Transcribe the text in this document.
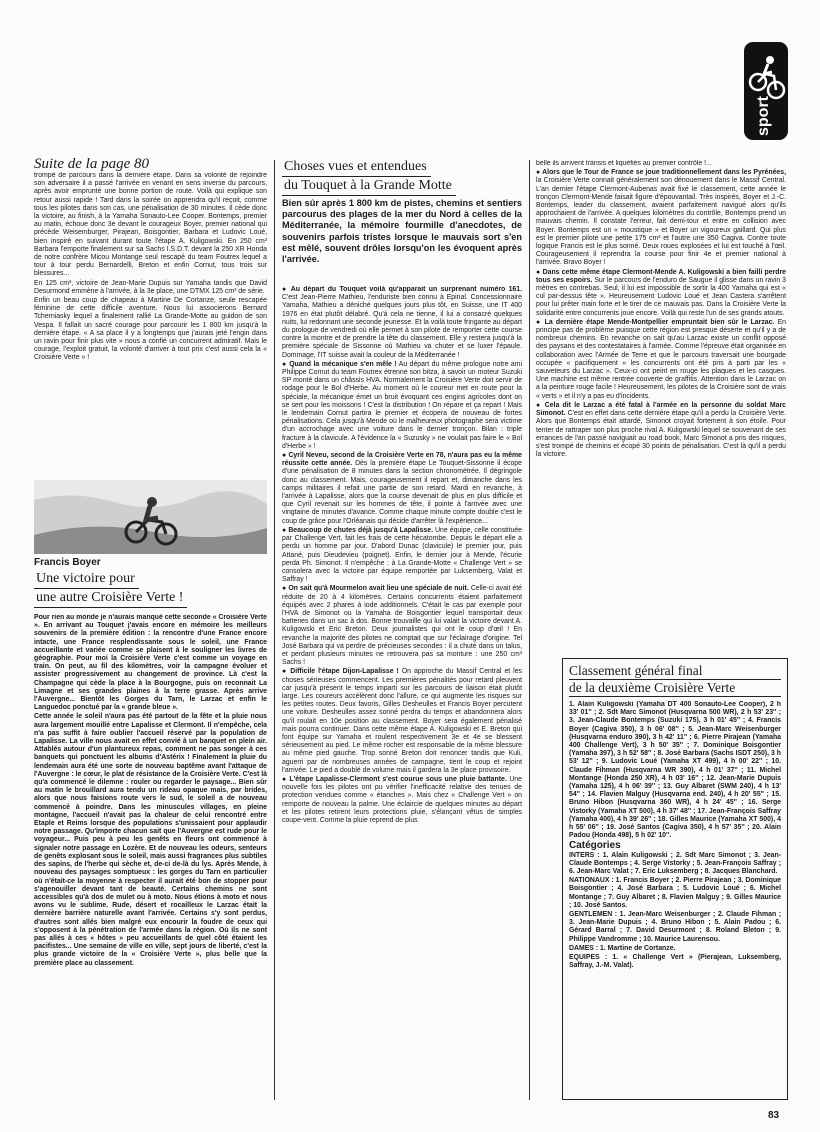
sport
Suite de la page 80

trompé de parcours dans la dernière étape. Dans sa volonté de rejoindre son adversaire il a passé l'arrivée en venant en sens inverse du parcours, après avoir emprunté une bonne portion de route. Voilà qui explique son retour aussi rapide ! Tard dans la soirée on apprendra qu'il reçoit, comme tous les pilotes dans son cas, une pénalisation de 30 minutes. Il cède donc la victoire, au finish, à la Yamaha Sonauto-Lee Cooper. Bontemps, premier au matin, échoue donc 3e devant le courageux Boyer, premier national qui précède Weisemburger, Pirajean, Boisgontier, Barbara et Ludovic Loué, bien inspiré en suivant durant toute l'étape A. Kuligowski. En 250 cm³ Barbara l'emporte finalement sur sa Sachs I.S.D.T. devant la 250 XR Honda de notre confrère Micou Montange seul rescapé du team Foutrex lequel a tour à tour perdu Bernardelli, Breton et enfin Cornut, tous trois sur blessures...

En 125 cm³, victoire de Jean-Marie Dupuis sur Yamaha tandis que David Desurmond emmène à l'arrivée, à la 3e place, une DTMX 125 cm³ de série.

Enfin un beau coup de chapeau à Martine De Cortanze, seule rescapée féminine de cette difficile aventure. Nous lui associerons Bernard Tcherniasky lequel a finalement rallié La Grande-Motte au guidon de son Vespa. Il fallait un sacré courage pour parcourir les 1 800 km jusqu'à la dernière étape. « A sa place il y a longtemps que j'aurais jeté l'engin dans un ravin pour finir plus vite » nous a confié un concurrent admiratif. Mais le courage, l'exploit gratuit, la volonté d'arriver à tout prix c'est aussi cela la « Croisière Verte » !

Francis Boyer
Une victoire pour
une autre Croisière Verte !

Pour rien au monde je n'aurais manqué cette seconde « Croisière Verte ». En arrivant au Touquet j'avais encore en mémoire les meilleurs souvenirs de la première édition : la rencontre d'une France encore intacte, une France resplendissante sous le soleil, une France accueillante et variée comme se plaisent à le souligner les livres de géographie. Pour moi la Croisière Verte c'est comme un voyage en train. On peut, au fil des kilomètres, voir la campagne évoluer et assister progressivement au changement de province. Là c'est la Champagne qui cède la place à la Bourgogne, puis on reconnait La Limagne et ses grandes plaines à la terre grasse. Après arrive l'Auvergne... Bientôt les Gorges du Tarn, le Larzac et enfin le Languedoc ponctué par la « grande bleue ».

Cette année le soleil n'aura pas été partout de la fête et la pluie nous aura largement mouillé entre Lapalisse et Clermont. Il n'empêche, cela n'a pas suffit à faire oublier l'accueil réservé par la population de Lapalisse. La ville nous avait en effet convié à un banquet en plein air. Attablés autour d'un plantureux repas, comment ne pas songer à ces banquets qui ponctuent les albums d'Astérix ! Finalement la pluie du lendemain aura été une sorte de nouveau baptême avant l'attaque de l'Auvergne : le cœur, le plat de résistance de la Croisière Verte. C'est là qu'a commencé le dilemne : rouler ou regarder le paysage... Bien sûr au matin le brouillard aura tendu un rideau opaque mais, par brides, alors que nous faisions route vers le sud, le soleil a de nouveau commencé à poindre. Dans les minuscules villages, en pleine montagne, l'accueil n'avait pas la chaleur de celui rencontré entre Etaple et Reims lorsque des populations s'unissaient pour applaudir notre passage. Qu'importe chacun sait que l'Auvergne est rude pour le voyageur... Puis peu à peu les genêts en fleurs ont commencé à signaler notre passage en Lozère. Et de nouveau les odeurs, senteurs de genêts explosant sous le soleil, mais aussi fragrances plus subtiles des sapins, de l'herbe qui sèche et, de-ci de-là du lys. Après Mende, à nouveau des paysages somptueux : les gorges du Tarn en particulier où n'était-ce la moyenne à respecter il aurait été bon de stopper pour s'agenouiller devant tant de beauté. Certains chemins ne sont accessibles qu'à dos de mulet ou à moto. Nous étions à moto et nous avons vu le sublime. Rude, désert et rocailleux le Larzac était la dernière barrière naturelle avant l'arrivée. Certains s'y sont perdus, d'autres sont allés bien malgré eux encourir la foudre de ceux qui s'opposent à la pénétration de l'armée dans la région. Où ils ne sont pas allés à ces « hôtes » peu accueillants de quel côté étaient les pacifistes... Une semaine de ville en ville, sept jours de liberté, c'est la plus grande victoire de la « Croisière Verte », plus belle que la première place au classement.

Choses vues et entendues
du Touquet à la Grande Motte
Bien sûr après 1 800 km de pistes, chemins et sentiers parcourus des plages de la mer du Nord à celles de la Méditerranée, la mémoire fourmille d'anecdotes, de souvenirs parfois tristes lorsque le mauvais sort s'en est mêlé, souvent drôles lorsqu'on les évoquent après l'arrivée.

● Au départ du Touquet voilà qu'apparait un surprenant numéro 161. C'est Jean-Pierre Mathieu, l'enduriste bien connu à Epinal. Concessionnaire Yamaha, Mathieu a déniché quelques jours plus tôt, en Suisse, une IT 400 1976 en état plutôt délabré. Qu'à cela ne tienne, il lui a consacré quelques nuits, lui redonnant une seconde jeunesse. Et la voilà toute fringante au départ du prologue de vendredi où elle permet à son pilote de remporter cette course contre la montre et de prendre la tête du classement. Elle y restera jusqu'à la première spéciale de Sissonne où Mathieu va chuter et se luxer l'épaule. Dommage, l'IT suisse avait la couleur de la Méditerranée !

● Quand la mécanique s'en mêle ! Au départ du même prologue notre ami Philippe Cornut du team Foutrex étrenne son bitza, à savoir un moteur Suzuki SP monté dans un châssis HVA. Normalement la Croisière Verte doit servir de rodage pour le Bol d'Herbe. Au moment où le coureur met en route pour la spéciale, la mécanique émet un bruit évoquant ces engins agricoles dont on se sert pour les moissons ! C'est la distribution ! On répare et ça repart ! Mais le lendemain Cornut partira le premier et écopera de nouveau de fortes pénalisations. Cela jusqu'à Mende où le malheureux photographe sera victime d'un accrochage avec une voiture dans le dernier tronçon. Bilan : triple fracture à la clavicule. A l'évidence la « Suzusky » ne voulait pas faire le « Bol d'Herbe » !

● Cyril Neveu, second de la Croisière Verte en 78, n'aura pas eu la même réussite cette année. Dès la première étape Le Touquet-Sissonne il écope d'une pénalisation de 8 minutes dans la section chronométrée. Il dégringole donc au classement. Mais, courageusement il repart et, dimanche dans les camps militaires il refait une partie de son retard. Mardi en revanche, à l'arrivée à Lapalisse, alors que la course devenait de plus en plus difficile et que Cyril revenait sur les hommes de tête, il pointe à l'arrivée avec une vingtaine de minutes d'avance. Comme chaque minute compte double c'est le coup de grâce pour l'Orléanais qui décide d'arrêter là l'expérience...

● Beaucoup de chutes déjà jusqu'à Lapalisse. Une équipe, celle constituée par Challenge Vert, fait les frais de cette hécatombe. Depuis le départ elle a perdu un homme par jour. D'abord Dunac (clavicule) le premier jour, puis Attané, puis Dieudevieu (poignet). Enfin, le dernier jour à Mende, l'écurie perda Ph. Simonot. Il n'empêche : à La Grande-Motte « Challenge Vert » se consolera avec la victoire par équipe remportée par Luksemberg, Valat et Saffray !

● On sait qu'à Mourmelon avait lieu une spéciale de nuit. Celle-ci avait été réduite de 20 à 4 kilomètres. Certains concurrents étaient parfaitement équipés avec 2 phares à iode additionnels. C'était le cas par exemple pour l'HVA de Simonot ou la Yamaha de Boisgontier lequel transportait deux batteries dans un sac à dos. Bonne trouvaille qui lui valait la victoire devant A. Kuligowski et Eric Breton. Deux journalistes qui ont le coup d'œil ! En revanche la majorité des pilotes ne comptait que sur l'éclairage d'origine. Tel José Barbara qui va perdre de précieuses secondes : il a chuté dans un talus, et perdant plusieurs minutes ne retrouvera pas sa monture : une 250 cm³ Sachs !

● Difficile l'étape Dijon-Lapalisse ! On approche du Massif Central et les choses sérieuses commencent. Les premières pénalités pour retard pleuvent car jusqu'à présent le temps imparti sur les parcours de liaison était plutôt large. Les coureurs accélèrent donc l'allure, ce qui augmente les risques sur les petites routes. Deux favoris, Gilles Desheulles et Francis Boyer percutent une voiture. Desheulles assez sonné perdra du temps et abandonnera alors qu'il roulait en 10e position au classement. Boyer sera également pénalisé mais pourra continuer. Dans cette même étape A. Kuligowski et E. Breton qui font équipe sur Yamaha et roulent respectivement 3e et 4e se blessent sérieusement au pied. Le même rocher est responsable de la même blessure au même pied gauche. Trop sonné Breton doit renoncer tandis que Kuli, aguerri par de nombreuses années de campagne, tient le coup et rejoint l'arrivée. Le pied a doublé de volume mais il gardera la 3e place provisoire.

● L'étape Lapalisse-Clermont s'est courue sous une pluie battante. Une nouvelle fois les pilotes ont pu vérifier l'inefficacité relative des tenues de protection vendues comme « étanches ». Mais chez « Challenge Vert » on remporte de nouveau la palme. Une éclaircie de quelques minutes au départ et les pilotes retirent leurs protections pluie, s'élançant vêtus de simples coupe-vent. Comme la pluie reprend de plus

belle ils arrivent transis et liquéfiés au premier contrôle !...

● Alors que le Tour de France se joue traditionnellement dans les Pyrénées, la Croisière Verte connait généralement son dénouement dans le Massif Central. L'an dernier l'étape Clermont-Aubenas avait fixé le classement, cette année le tronçon Clermont-Mende faisait figure d'épouvantail. Très inspirés, Boyer et J.-C. Bontemps, leader du classement, avaient parfaitement navigué alors qu'ils approchaient de l'arrivée. A quelques kilomètres du contrôle, Bontemps prend un mauvais chemin. Il constate l'erreur, fait demi-tour et entre en collision avec Boyer. Bontemps est un « moustique » et Boyer un vigoureux gaillard. Qui plus est le premier pilote une petite 175 cm³ et l'autre une 350 Cagiva. Contre toute logique Francis est le plus sonné. Deux roues explosées et lui est touché à l'œil. Courageusement il reprendra la course pour finir 4e et premier national à l'arrivée. Bravo Boyer !

● Dans cette même étape Clermont-Mende A. Kuligowski a bien failli perdre tous ses espoirs. Sur le parcours de l'enduro de Saugue il glisse dans un ravin 3 mètres en contrebas. Seul, il lui est impossible de sortir la 400 Yamaha qui est « cul par-dessus tête ». Heureusement Ludovic Loué et Jean Castera s'arrêtent pour lui prêter main forte et le tirer de ce mauvais pas. Dans la Croisière Verte la solidarité entre concurrents joue encore. Voilà qui reste l'un de ses grands atouts.

● La dernière étape Mende-Montpellier empruntait bien sûr le Larzac. En principe pas de problème puisque cette région est presque déserte et qu'il y a de nombreux chemins. En revanche on sait qu'au Larzac existe un conflit opposé des paysans et des contestataires à l'armée. Comme l'épreuve était organisée en collaboration avec l'Armée de Terre et que le parcours traversait une bourgade occupée « pacifiquement » les concurrents ont été pris à parti par les « sauveteurs du Larzac ». Ceux-ci ont peint en rouge les plaques et les casques. Une machine est même rentrée couverte de graffitis. Attention dans le Larzac on a la peinture rouge facile ! Heureusement, les pilotes de la Croisière sont de vrais « verts » et il n'y a pas eu d'incidents.

● Cela dit le Larzac a été fatal à l'armée en la personne du soldat Marc Simonot. C'est en effet dans cette dernière étape qu'il a perdu la Croisière Verte. Alors que Bontemps était attardé, Simonot croyait fortement à son étoile. Pour tenter de rattraper son plus proche rival A. Kuligowski lequel se souvenant de ses errances de l'an passé naviguait au road book, Marc Simonot a pris des risques, s'est trompé de chemins et écopé 30 points de pénalisation. C'est là qu'il a perdu la victoire.

Classement général final
de la deuxième Croisière Verte

1. Alain Kuligowski (Yamaha DT 400 Sonauto-Lee Cooper), 2 h 33' 01'' ; 2. Sdt Marc Simonot (Husqvarna 500 WR), 2 h 53' 23'' ; 3. Jean-Claude Bontemps (Suzuki 175), 3 h 01' 45'' ; 4. Francis Boyer (Cagiva 350), 3 h 06' 08'' ; 5. Jean-Marc Weisenburger (Husqvarna enduro 390), 3 h 42' 11'' ; 6. Pierre Pirajean (Yamaha 400 Challenge Vert), 3 h 50' 35'' ; 7. Dominique Boisgontier (Yamaha 397), 3 h 52' 58'' ; 8. José Barbara (Sachs ISDT 250), 3 h 53' 12'' ; 9. Ludovic Loué (Yamaha XT 499), 4 h 00' 22'' ; 10. Claude Fihman (Husqvarna WR 390), 4 h 01' 37'' ; 11. Michel Montange (Honda 250 XR), 4 h 03' 16'' ; 12. Jean-Marie Dupuis (Yamaha 125), 4 h 06' 39'' ; 13. Guy Albaret (SWM 240), 4 h 13' 54'' ; 14. Flavien Malguy (Husqvarna end. 240), 4 h 20' 55'' ; 15. Bruno Hibon (Husqvarna 360 WR), 4 h 24' 45'' ; 16. Serge Vistorky (Yamaha XT 500), 4 h 37' 48'' ; 17. Jean-François Saffray (Yamaha 400), 4 h 39' 26'' ; 18. Gilles Maurice (Yamaha XT 500), 4 h 55' 06'' ; 19. José Santos (Cagiva 350), 4 h 57' 35'' ; 20. Alain Padou (Honda 498), 5 h 02' 10''.

Catégories

INTERS : 1. Alain Kuligowski ; 2. Sdt Marc Simonot ; 3. Jean-Claude Bontemps ; 4. Serge Vistorky ; 5. Jean-François Saffray ; 6. Jean-Marc Valat ; 7. Eric Luksemberg ; 8. Jacques Blanchard.

NATIONAUX : 1. Francis Boyer ; 2. Pierre Pirajean ; 3. Dominique Boisgontier ; 4. José Barbara ; 5. Ludovic Loué ; 6. Michel Montange ; 7. Guy Albaret ; 8. Flavien Malguy ; 9. Gilles Maurice ; 10. José Santos.

GENTLEMEN : 1. Jean-Marc Weisenburger ; 2. Claude Fihman ; 3. Jean-Marie Dupuis ; 4. Bruno Hibon ; 5. Alain Padou ; 6. Gérard Barral ; 7. David Desurmont ; 8. Roland Bleton ; 9. Philippe Vandromme ; 10. Maurice Laurensou.

DAMES : 1. Martine de Cortanze.

EQUIPES : 1. « Challenge Vert » (Pierajean, Luksemberg, Saffray, J.-M. Valat).

83
